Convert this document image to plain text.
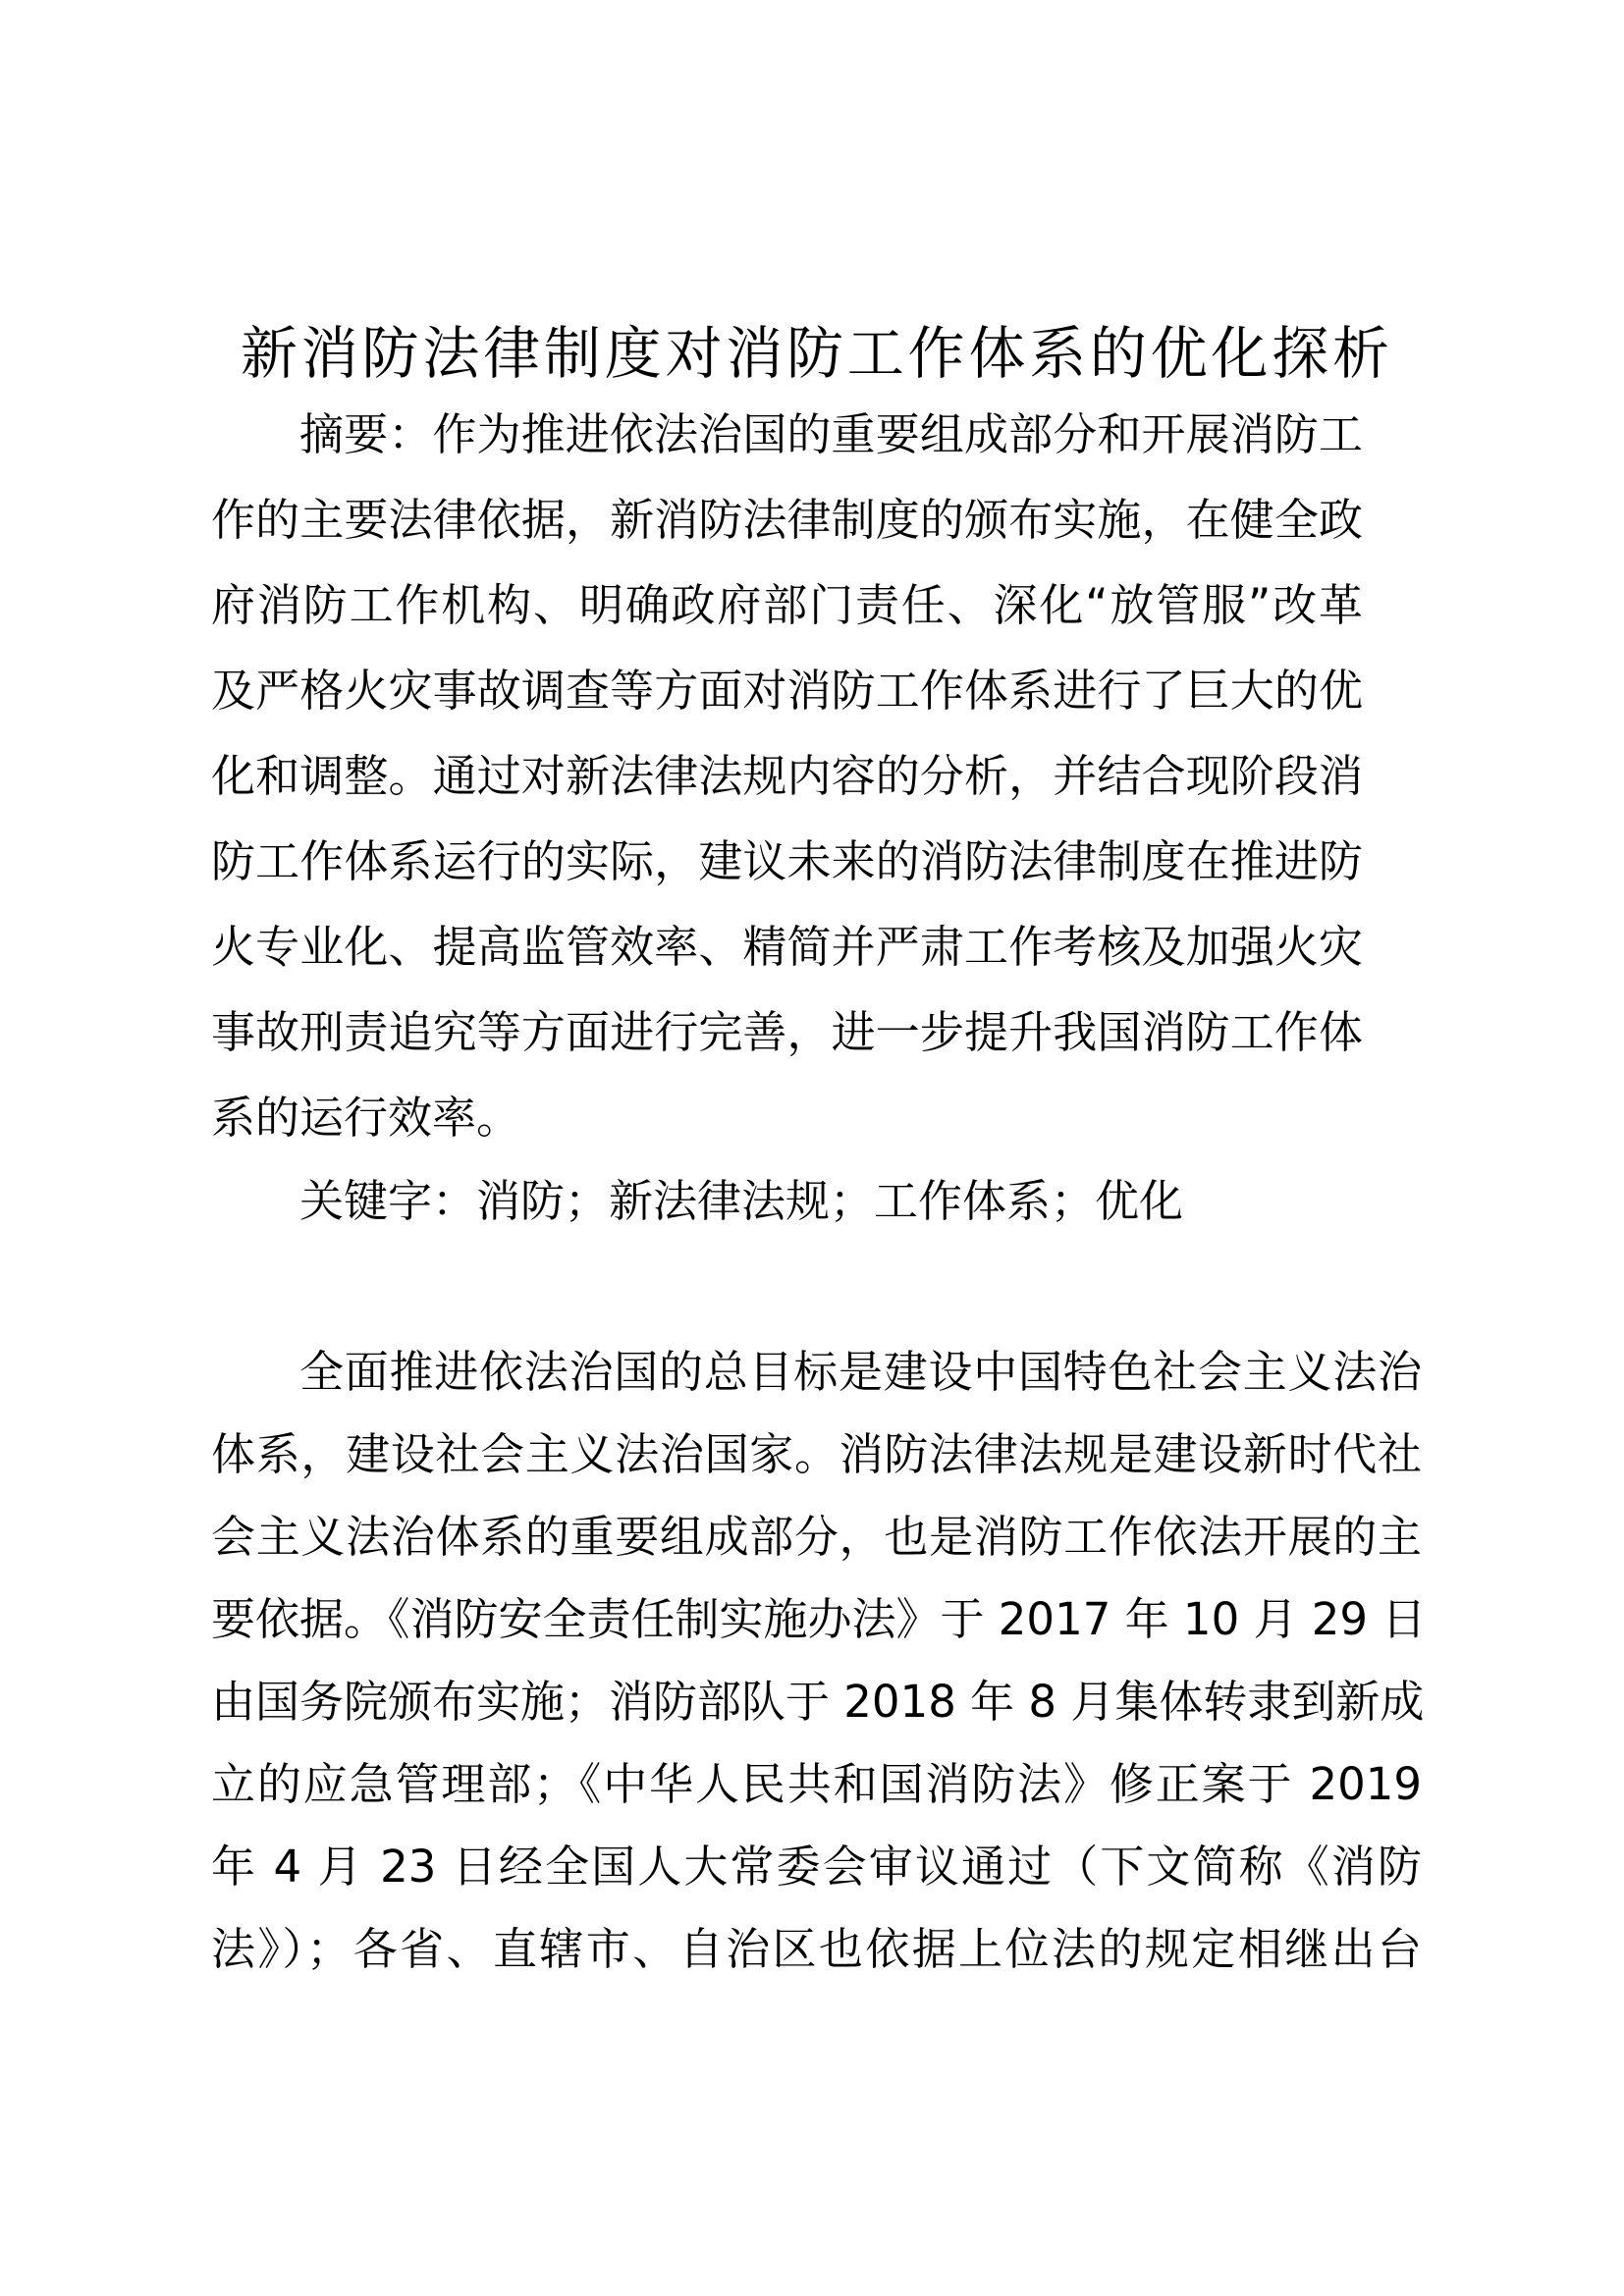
新消防法律制度对消防工作体系的优化探析
摘要：作为推进依法治国的重要组成部分和开展消防工
作的主要法律依据，新消防法律制度的颁布实施，在健全政
府消防工作机构、明确政府部门责任、深化“放管服”改革
及严格火灾事故调查等方面对消防工作体系进行了巨大的优
化和调整。通过对新法律法规内容的分析，并结合现阶段消
防工作体系运行的实际，建议未来的消防法律制度在推进防
火专业化、提高监管效率、精简并严肃工作考核及加强火灾
事故刑责追究等方面进行完善，进一步提升我国消防工作体
系的运行效率。
关键字：消防；新法律法规；工作体系；优化
全面推进依法治国的总目标是建设中国特色社会主义法治
体系，建设社会主义法治国家。消防法律法规是建设新时代社
会主义法治体系的重要组成部分，也是消防工作依法开展的主
要依据。《消防安全责任制实施办法》于 2017 年 10 月 29 日
由国务院颁布实施；消防部队于 2018 年 8 月集体转隶到新成
立的应急管理部；《中华人民共和国消防法》修正案于 2019
年 4 月 23 日经全国人大常委会审议通过（下文简称《消防
法》）；各省、直辖市、自治区也依据上位法的规定相继出台
